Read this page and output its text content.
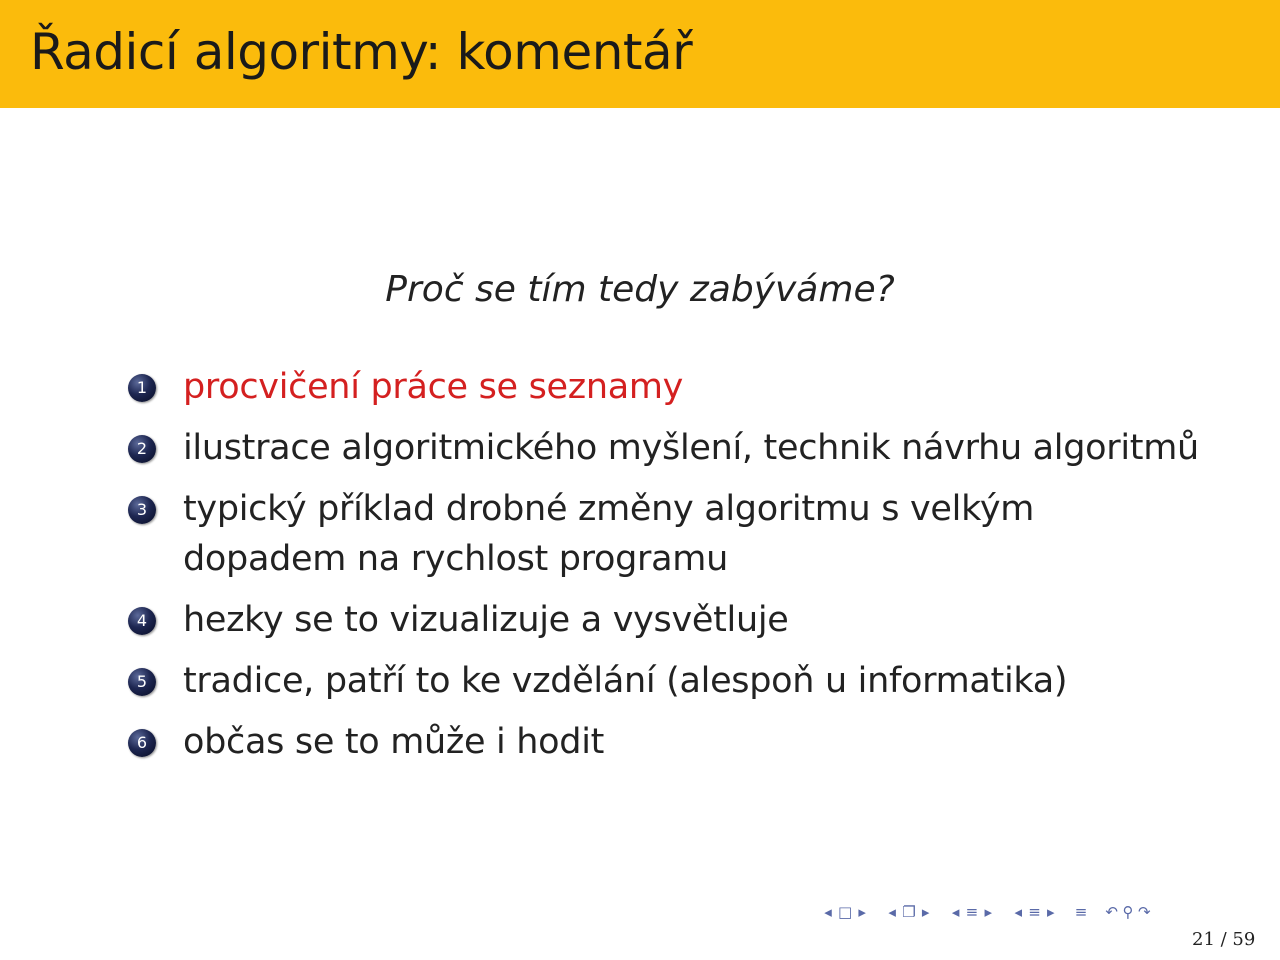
Řadicí algoritmy: komentář
Proč se tím tedy zabýváme?
1 procvičení práce se seznamy
2 ilustrace algoritmického myšlení, technik návrhu algoritmů
3 typický příklad drobné změny algoritmu s velkým dopadem na rychlost programu
4 hezky se to vizualizuje a vysvětluje
5 tradice, patří to ke vzdělání (alespoň u informatika)
6 občas se to může i hodit
◂ □ ▸ ◂ ❐ ▸ ◂ ≡ ▸ ◂ ≡ ▸ ≡ ↶ ⚲ ↷
21 / 59
